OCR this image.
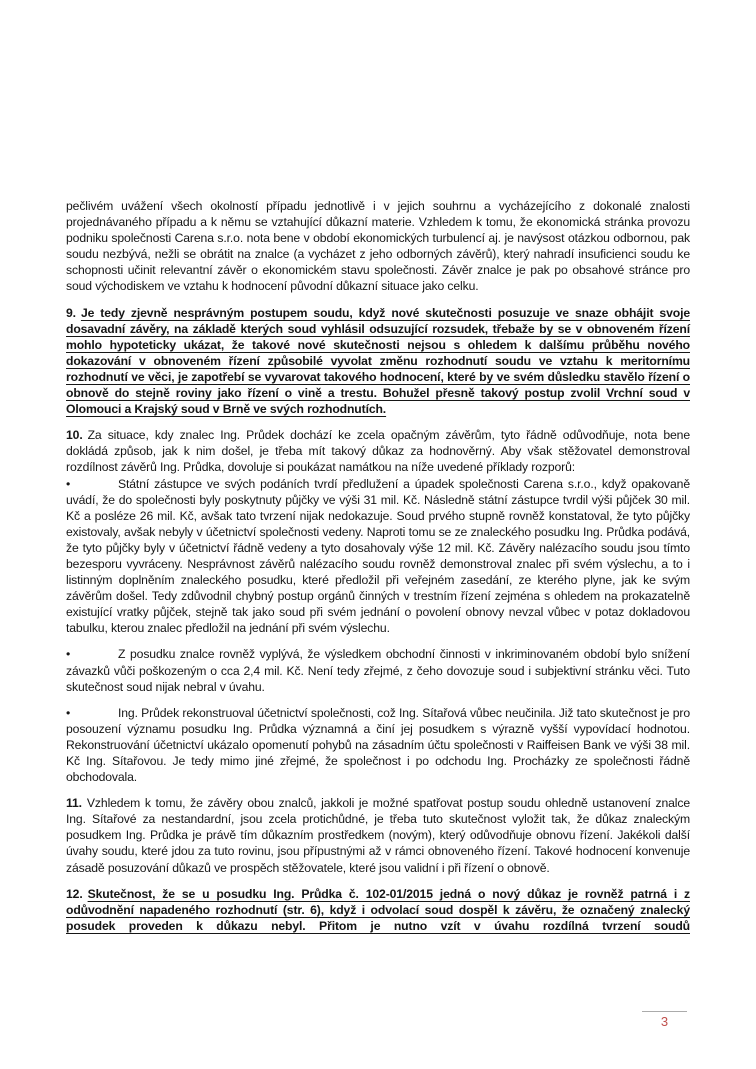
pečlivém uvážení všech okolností případu jednotlivě i v jejich souhrnu a vycházejícího z dokonalé znalosti projednávaného případu a k němu se vztahující důkazní materie. Vzhledem k tomu, že ekonomická stránka provozu podniku společnosti Carena s.r.o. nota bene v období ekonomických turbulencí aj. je navýsost otázkou odbornou, pak soudu nezbývá, nežli se obrátit na znalce (a vycházet z jeho odborných závěrů), který nahradí insuficienci soudu ke schopnosti učinit relevantní závěr o ekonomickém stavu společnosti. Závěr znalce je pak po obsahové stránce pro soud východiskem ve vztahu k hodnocení původní důkazní situace jako celku.

9. Je tedy zjevně nesprávným postupem soudu, když nové skutečnosti posuzuje ve snaze obhájit svoje dosavadní závěry, na základě kterých soud vyhlásil odsuzující rozsudek, třebaže by se v obnoveném řízení mohlo hypoteticky ukázat, že takové nové skutečnosti nejsou s ohledem k dalšímu průběhu nového dokazování v obnoveném řízení způsobilé vyvolat změnu rozhodnutí soudu ve vztahu k meritornímu rozhodnutí ve věci, je zapotřebí se vyvarovat takového hodnocení, které by ve svém důsledku stavělo řízení o obnově do stejně roviny jako řízení o vině a trestu. Bohužel přesně takový postup zvolil Vrchní soud v Olomouci a Krajský soud v Brně ve svých rozhodnutích.

10. Za situace, kdy znalec Ing. Průdek dochází ke zcela opačným závěrům, tyto řádně odůvodňuje, nota bene dokládá způsob, jak k nim došel, je třeba mít takový důkaz za hodnověrný. Aby však stěžovatel demonstroval rozdílnost závěrů Ing. Průdka, dovoluje si poukázat namátkou na níže uvedené příklady rozporů:

•	Státní zástupce ve svých podáních tvrdí předlužení a úpadek společnosti Carena s.r.o., když opakovaně uvádí, že do společnosti byly poskytnuty půjčky ve výši 31 mil. Kč. Následně státní zástupce tvrdil výši půjček 30 mil. Kč a posléze 26 mil. Kč, avšak tato tvrzení nijak nedokazuje. Soud prvého stupně rovněž konstatoval, že tyto půjčky existovaly, avšak nebyly v účetnictví společnosti vedeny. Naproti tomu se ze znaleckého posudku Ing. Průdka podává, že tyto půjčky byly v účetnictví řádně vedeny a tyto dosahovaly výše 12 mil. Kč. Závěry nalézacího soudu jsou tímto bezesporu vyvráceny. Nesprávnost závěrů nalézacího soudu rovněž demonstroval znalec při svém výslechu, a to i listinným doplněním znaleckého posudku, které předložil při veřejném zasedání, ze kterého plyne, jak ke svým závěrům došel. Tedy zdůvodnil chybný postup orgánů činných v trestním řízení zejména s ohledem na prokazatelně existující vratky půjček, stejně tak jako soud při svém jednání o povolení obnovy nevzal vůbec v potaz dokladovou tabulku, kterou znalec předložil na jednání při svém výslechu.

•	Z posudku znalce rovněž vyplývá, že výsledkem obchodní činnosti v inkriminovaném období bylo snížení závazků vůči poškozeným o cca 2,4 mil. Kč. Není tedy zřejmé, z čeho dovozuje soud i subjektivní stránku věci. Tuto skutečnost soud nijak nebral v úvahu.

•	Ing. Průdek rekonstruoval účetnictví společnosti, což Ing. Sítařová vůbec neučinila. Již tato skutečnost je pro posouzení významu posudku Ing. Průdka významná a činí jej posudkem s výrazně vyšší vypovídací hodnotou. Rekonstruování účetnictví ukázalo opomenutí pohybů na zásadním účtu společnosti v Raiffeisen Bank ve výši 38 mil. Kč Ing. Sítařovou. Je tedy mimo jiné zřejmé, že společnost i po odchodu Ing. Procházky ze společnosti řádně obchodovala.

11. Vzhledem k tomu, že závěry obou znalců, jakkoli je možné spatřovat postup soudu ohledně ustanovení znalce Ing. Sítařové za nestandardní, jsou zcela protichůdné, je třeba tuto skutečnost vyložit tak, že důkaz znaleckým posudkem Ing. Průdka je právě tím důkazním prostředkem (novým), který odůvodňuje obnovu řízení. Jakékoli další úvahy soudu, které jdou za tuto rovinu, jsou přípustnými až v rámci obnoveného řízení. Takové hodnocení konvenuje zásadě posuzování důkazů ve prospěch stěžovatele, které jsou validní i při řízení o obnově.

12. Skutečnost, že se u posudku Ing. Průdka č. 102-01/2015 jedná o nový důkaz je rovněž patrná i z odůvodnění napadeného rozhodnutí (str. 6), když i odvolací soud dospěl k závěru, že označený znalecký posudek proveden k důkazu nebyl. Přitom je nutno vzít v úvahu rozdílná tvrzení soudů

3
